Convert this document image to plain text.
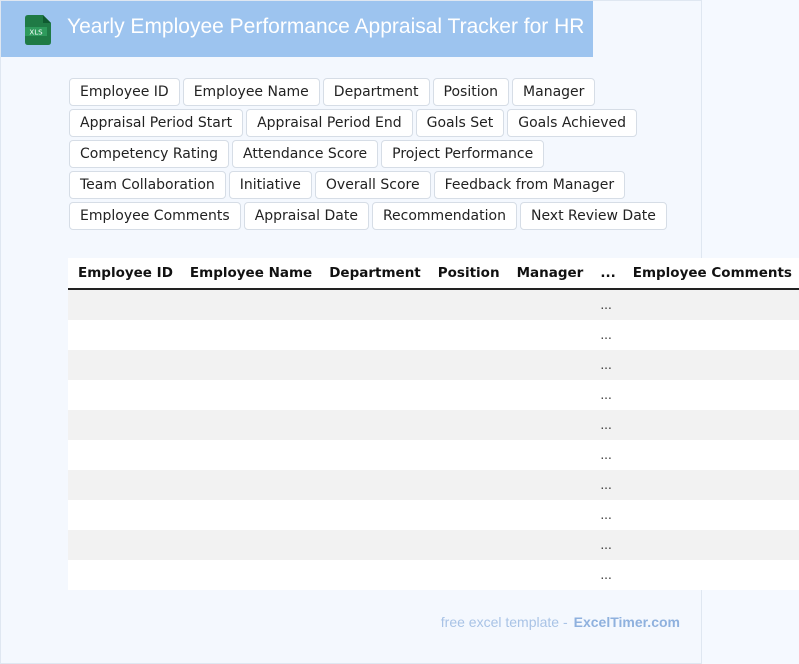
XLS Yearly Employee Performance Appraisal Tracker for HR
Employee ID	Employee Name	Department	Position	Manager
Appraisal Period Start	Appraisal Period End	Goals Set	Goals Achieved
Competency Rating	Attendance Score	Project Performance
Team Collaboration	Initiative	Overall Score	Feedback from Manager
Employee Comments	Appraisal Date	Recommendation	Next Review Date
Employee ID	Employee Name	Department	Position	Manager	...	Employee Comments
					...	
					...	
					...	
					...	
					...	
					...	
					...	
					...	
					...	
					...	
free excel template - ExcelTimer.com
